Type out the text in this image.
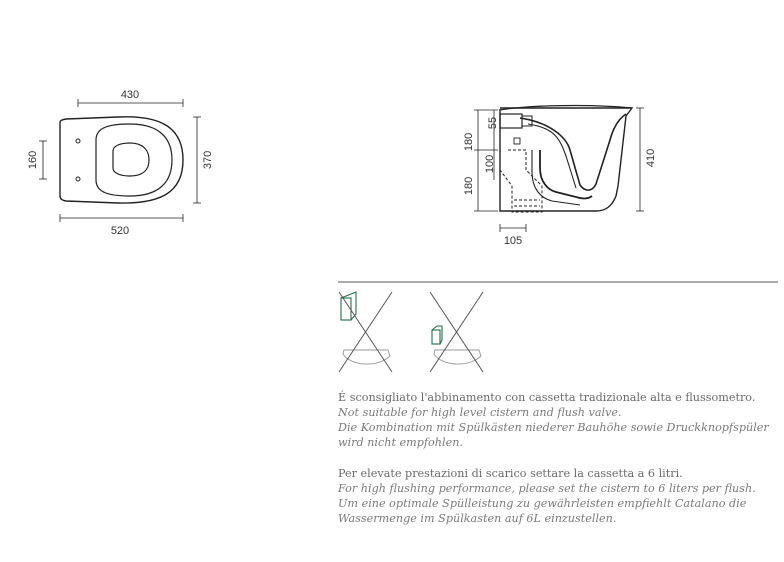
430
520
160	370
55
180
100
180
410
105

É sconsigliato l'abbinamento con cassetta tradizionale alta e flussometro.

Not suitable for high level cistern and flush valve.

Die Kombination mit Spülkästen niederer Bauhöhe sowie Druckknopfspüler wird nicht empfohlen.

Per elevate prestazioni di scarico settare la cassetta a 6 litri.

For high flushing performance, please set the cistern to 6 liters per flush.

Um eine optimale Spülleistung zu gewährleisten empfiehlt Catalano die Wassermenge im Spülkasten auf 6L einzustellen.
